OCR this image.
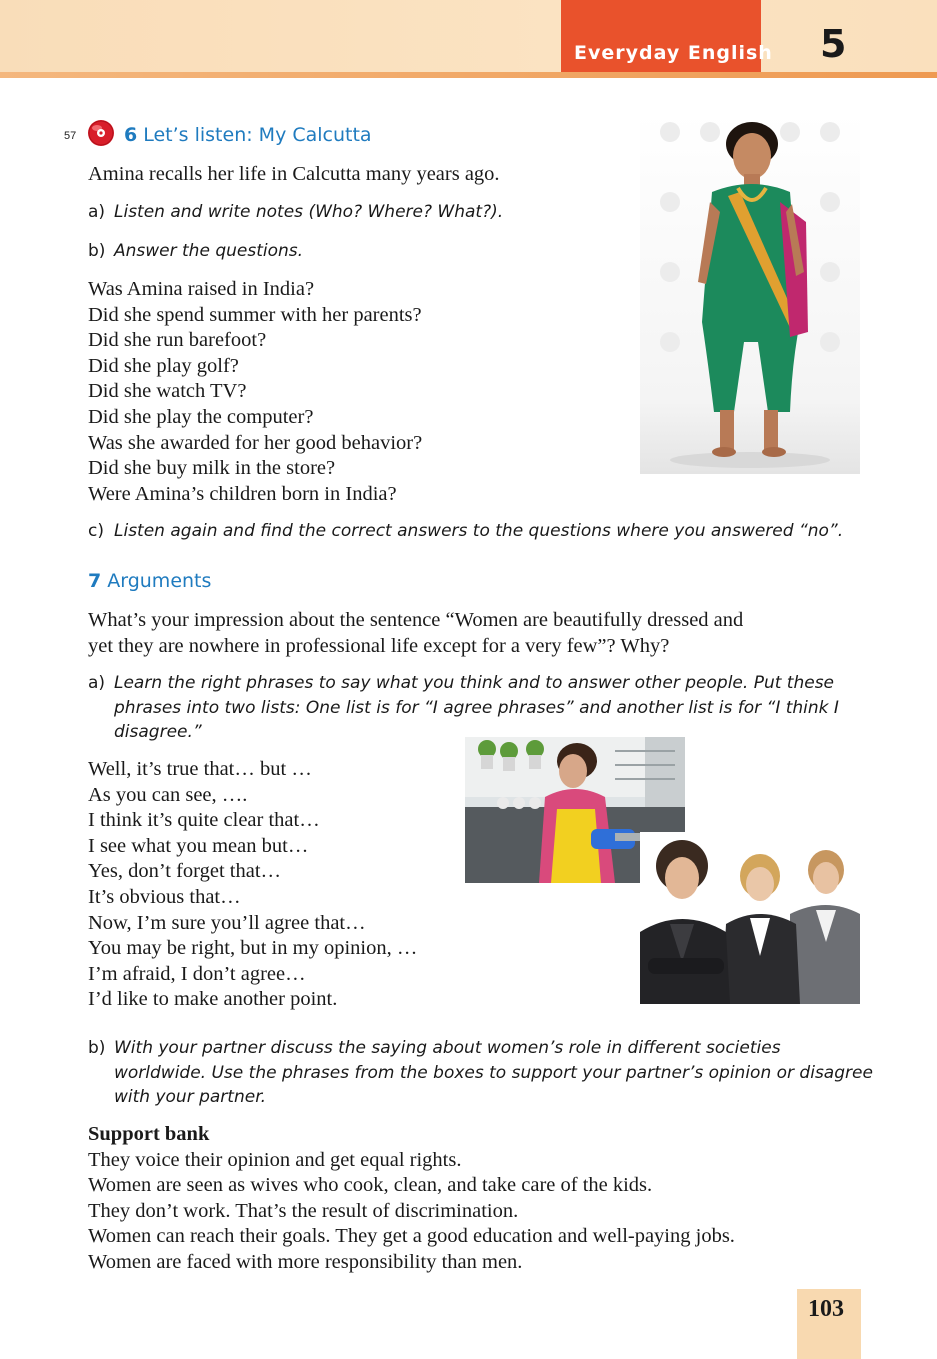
Everyday English 5
57	6 Let’s listen: My Calcutta
Amina recalls her life in Calcutta many years ago.
a) Listen and write notes (Who? Where? What?).
b) Answer the questions.
Was Amina raised in India?
Did she spend summer with her parents?
Did she run barefoot?
Did she play golf?
Did she watch TV?
Did she play the computer?
Was she awarded for her good behavior?
Did she buy milk in the store?
Were Amina’s children born in India?
c) Listen again and find the correct answers to the questions where you answered “no”.
7 Arguments
What’s your impression about the sentence “Women are beautifully dressed and
yet they are nowhere in professional life except for a very few”? Why?
a) Learn the right phrases to say what you think and to answer other people. Put these phrases into two lists: One list is for “I agree phrases” and another list is for “I think I disagree.”
Well, it’s true that… but …
As you can see, ….
I think it’s quite clear that…
I see what you mean but…
Yes, don’t forget that…
It’s obvious that…
Now, I’m sure you’ll agree that…
You may be right, but in my opinion, …
I’m afraid, I don’t agree…
I’d like to make another point.
b) With your partner discuss the saying about women’s role in different societies worldwide. Use the phrases from the boxes to support your partner’s opinion or disagree with your partner.
Support bank
They voice their opinion and get equal rights.
Women are seen as wives who cook, clean, and take care of the kids.
They don’t work. That’s the result of discrimination.
Women can reach their goals. They get a good education and well-paying jobs.
Women are faced with more responsibility than men.
103
